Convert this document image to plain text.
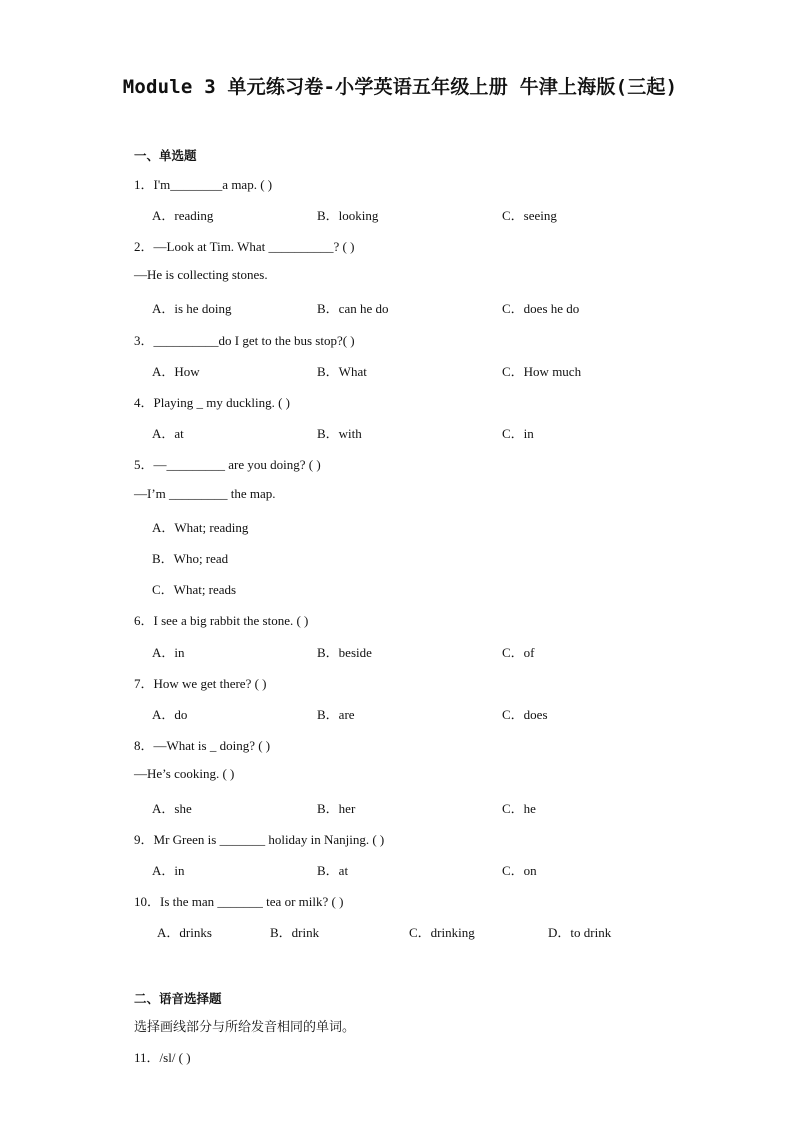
Module 3 单元练习卷-小学英语五年级上册 牛津上海版(三起)
一、单选题
1．I'm________a map. ( )
A．reading	B．looking	C．seeing
2．—Look at Tim. What __________? ( )
—He is collecting stones.
A．is he doing	B．can he do	C．does he do
3．__________do I get to the bus stop?( )
A．How	B．What	C．How much
4．Playing _ my duckling. ( )
A．at	B．with	C．in
5．—_________ are you doing? ( )
—I’m _________ the map.
A．What; reading
B．Who; read
C．What; reads
6．I see a big rabbit the stone. ( )
A．in	B．beside	C．of
7．How we get there? ( )
A．do	B．are	C．does
8．—What is _ doing? ( )
—He’s cooking. ( )
A．she	B．her	C．he
9．Mr Green is _______ holiday in Nanjing. ( )
A．in	B．at	C．on
10．Is the man _______ tea or milk? ( )
A．drinks	B．drink	C．drinking	D．to drink
二、语音选择题
选择画线部分与所给发音相同的单词。
11．/sl/ ( )
